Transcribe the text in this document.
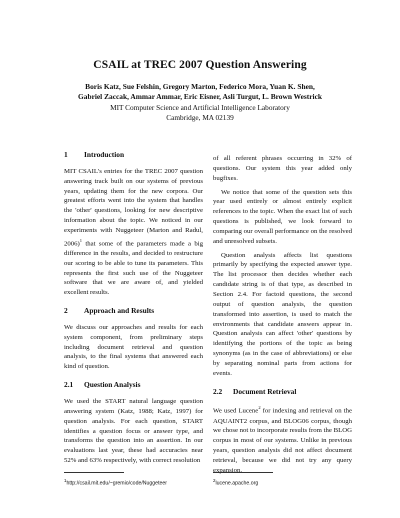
CSAIL at TREC 2007 Question Answering
Boris Katz, Sue Felshin, Gregory Marton, Federico Mora, Yuan K. Shen,
Gabriel Zaccak, Ammar Ammar, Eric Eisner, Asli Turgut, L. Brown Westrick
MIT Computer Science and Artificial Intelligence Laboratory
Cambridge, MA 02139
1 Introduction

MIT CSAIL's entries for the TREC 2007 question answering track built on our systems of previous years, updating them for the new corpora. Our greatest efforts went into the system that handles the 'other' questions, looking for new descriptive information about the topic. We noticed in our experiments with Nuggeteer (Marton and Radul, 2006)$^1$ that some of the parameters made a big difference in the results, and decided to restructure our scoring to be able to tune its parameters. This represents the first such use of the Nuggeteer software that we are aware of, and yielded excellent results.

2 Approach and Results

We discuss our approaches and results for each system component, from preliminary steps including document retrieval and question analysis, to the final systems that answered each kind of question.

2.1 Question Analysis

We used the START natural language question answering system (Katz, 1988; Katz, 1997) for question analysis. For each question, START identifies a question focus or answer type, and transforms the question into an assertion. In our evaluations last year, these had accuracies near 52% and 63% respectively, with correct resolution

$^1$http://csail.mit.edu/~gremio/code/Nuggeteer

of all referent phrases occurring in 32% of questions. Our system this year added only bugfixes.

We notice that some of the question sets this year used entirely or almost entirely explicit references to the topic. When the exact list of such questions is published, we look forward to comparing our overall performance on the resolved and unresolved subsets.

Question analysis affects list questions primarily by specifying the expected answer type. The list processor then decides whether each candidate string is of that type, as described in Section 2.4. For factoid questions, the second output of question analysis, the question transformed into assertion, is used to match the environments that candidate answers appear in. Question analysis can affect 'other' questions by identifying the portions of the topic as being synonyms (as in the case of abbreviations) or else by separating nominal parts from actions for events.

2.2 Document Retrieval

We used Lucene$^2$ for indexing and retrieval on the AQUAINT2 corpus, and BLOG06 corpus, though we chose not to incorporate results from the BLOG corpus in most of our systems. Unlike in previous years, question analysis did not affect document retrieval, because we did not try any query expansion.

$^2$lucene.apache.org
